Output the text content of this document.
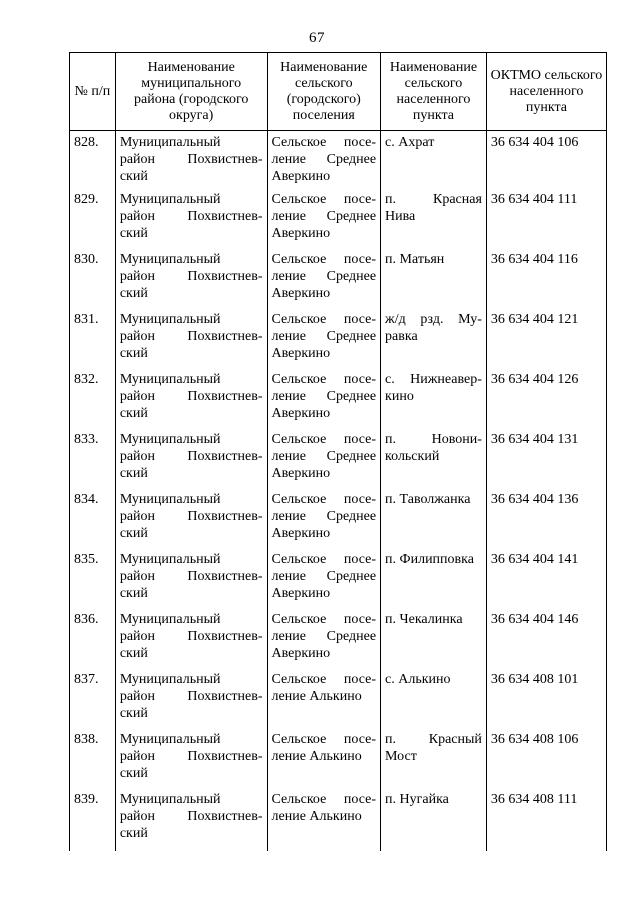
67
№ п/п	Наименование муниципального района (городского округа)	Наименование сельского (городского) поселения	Наименование сельского населенного пункта	ОКТМО сельского населенного пункта
828.	Муниципальный
район Похвистнев-
ский	Сельское посе-
ление Среднее
Аверкино	с. Ахрат	36 634 404 106
829.	Муниципальный
район Похвистнев-
ский	Сельское посе-
ление Среднее
Аверкино	п. Красная
Нива	36 634 404 111
830.	Муниципальный
район Похвистнев-
ский	Сельское посе-
ление Среднее
Аверкино	п. Матьян	36 634 404 116
831.	Муниципальный
район Похвистнев-
ский	Сельское посе-
ление Среднее
Аверкино	ж/д рзд. Му-
равка	36 634 404 121
832.	Муниципальный
район Похвистнев-
ский	Сельское посе-
ление Среднее
Аверкино	с. Нижнеавер-
кино	36 634 404 126
833.	Муниципальный
район Похвистнев-
ский	Сельское посе-
ление Среднее
Аверкино	п. Новони-
кольский	36 634 404 131
834.	Муниципальный
район Похвистнев-
ский	Сельское посе-
ление Среднее
Аверкино	п. Таволжанка	36 634 404 136
835.	Муниципальный
район Похвистнев-
ский	Сельское посе-
ление Среднее
Аверкино	п. Филипповка	36 634 404 141
836.	Муниципальный
район Похвистнев-
ский	Сельское посе-
ление Среднее
Аверкино	п. Чекалинка	36 634 404 146
837.	Муниципальный
район Похвистнев-
ский	Сельское посе-
ление Алькино	с. Алькино	36 634 408 101
838.	Муниципальный
район Похвистнев-
ский	Сельское посе-
ление Алькино	п. Красный
Мост	36 634 408 106
839.	Муниципальный
район Похвистнев-
ский	Сельское посе-
ление Алькино	п. Нугайка	36 634 408 111
